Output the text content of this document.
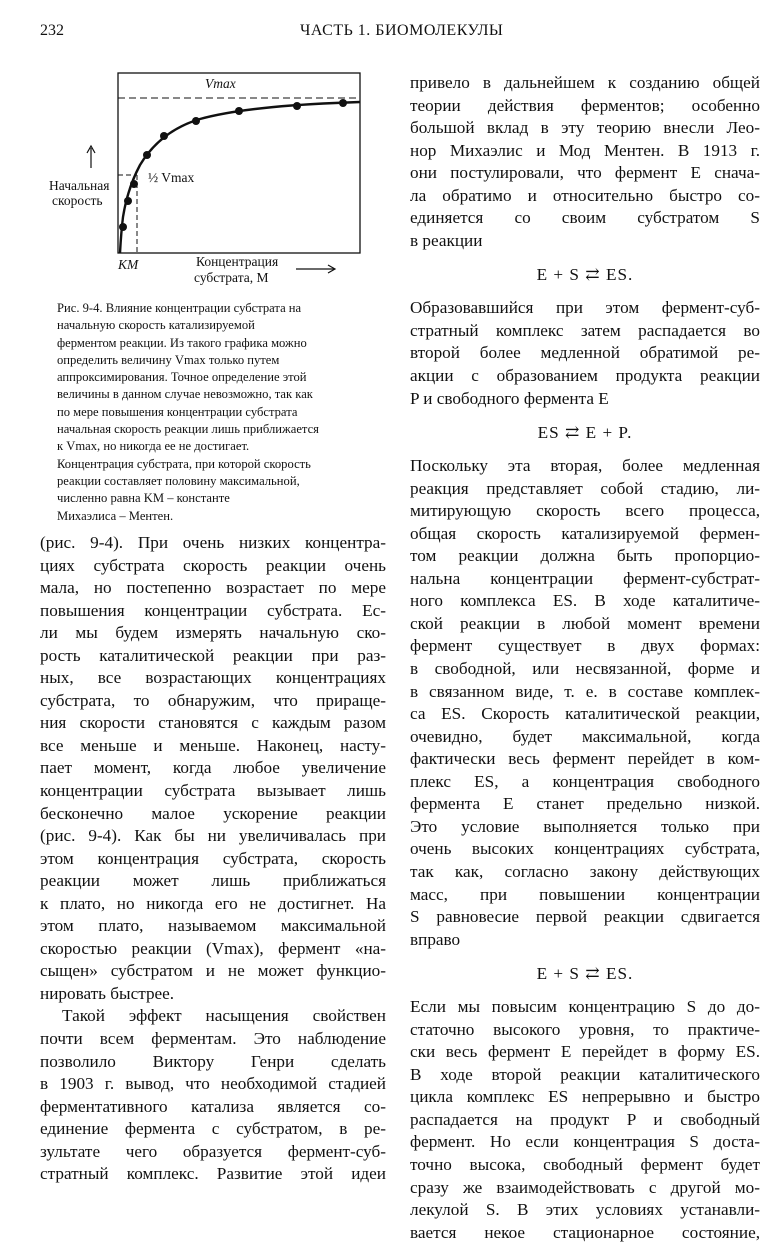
232	ЧАСТЬ 1. БИОМОЛЕКУЛЫ
Vmax
½ Vmax
Начальная
скорость
Концентрация
субстрата, М
KM
Рис. 9-4. Влияние концентрации субстрата на
начальную скорость катализируемой
ферментом реакции. Из такого графика можно
определить величину Vmax только путем
аппроксимирования. Точное определение этой
величины в данном случае невозможно, так как
по мере повышения концентрации субстрата
начальная скорость реакции лишь приближается
к Vmax, но никогда ее не достигает.
Концентрация субстрата, при которой скорость
реакции составляет половину максимальной,
численно равна KM – константе
Михаэлиса – Ментен.
(рис. 9-4). При очень низких концентра-
циях субстрата скорость реакции очень
мала, но постепенно возрастает по мере
повышения концентрации субстрата. Ес-
ли мы будем измерять начальную ско-
рость каталитической реакции при раз-
ных, все возрастающих концентрациях
субстрата, то обнаружим, что прираще-
ния скорости становятся с каждым разом
все меньше и меньше. Наконец, насту-
пает момент, когда любое увеличение
концентрации субстрата вызывает лишь
бесконечно малое ускорение реакции
(рис. 9-4). Как бы ни увеличивалась при
этом концентрация субстрата, скорость
реакции может лишь приближаться
к плато, но никогда его не достигнет. На
этом плато, называемом максимальной
скоростью реакции (Vmax), фермент «на-
сыщен» субстратом и не может функцио-
нировать быстрее.
Такой эффект насыщения свойствен
почти всем ферментам. Это наблюдение
позволило Виктору Генри сделать
в 1903 г. вывод, что необходимой стадией
ферментативного катализа является со-
единение фермента с субстратом, в ре-
зультате чего образуется фермент-суб-
стратный комплекс. Развитие этой идеи
привело в дальнейшем к созданию общей
теории действия ферментов; особенно
большой вклад в эту теорию внесли Лео-
нор Михаэлис и Мод Ментен. В 1913 г.
они постулировали, что фермент E снача-
ла обратимо и относительно быстро со-
единяется со своим субстратом S
в реакции
E + S ⇄ ES.
Образовавшийся при этом фермент-суб-
стратный комплекс затем распадается во
второй более медленной обратимой ре-
акции с образованием продукта реакции
P и свободного фермента E
ES ⇄ E + P.
Поскольку эта вторая, более медленная
реакция представляет собой стадию, ли-
митирующую скорость всего процесса,
общая скорость катализируемой фермен-
том реакции должна быть пропорцио-
нальна концентрации фермент-субстрат-
ного комплекса ES. В ходе каталитиче-
ской реакции в любой момент времени
фермент существует в двух формах:
в свободной, или несвязанной, форме и
в связанном виде, т. е. в составе комплек-
са ES. Скорость каталитической реакции,
очевидно, будет максимальной, когда
фактически весь фермент перейдет в ком-
плекс ES, а концентрация свободного
фермента E станет предельно низкой.
Это условие выполняется только при
очень высоких концентрациях субстрата,
так как, согласно закону действующих
масс, при повышении концентрации
S равновесие первой реакции сдвигается
вправо
E + S ⇄ ES.
Если мы повысим концентрацию S до до-
статочно высокого уровня, то практиче-
ски весь фермент E перейдет в форму ES.
В ходе второй реакции каталитического
цикла комплекс ES непрерывно и быстро
распадается на продукт P и свободный
фермент. Но если концентрация S доста-
точно высока, свободный фермент будет
сразу же взаимодействовать с другой мо-
лекулой S. В этих условиях устанавли-
вается некое стационарное состояние,
